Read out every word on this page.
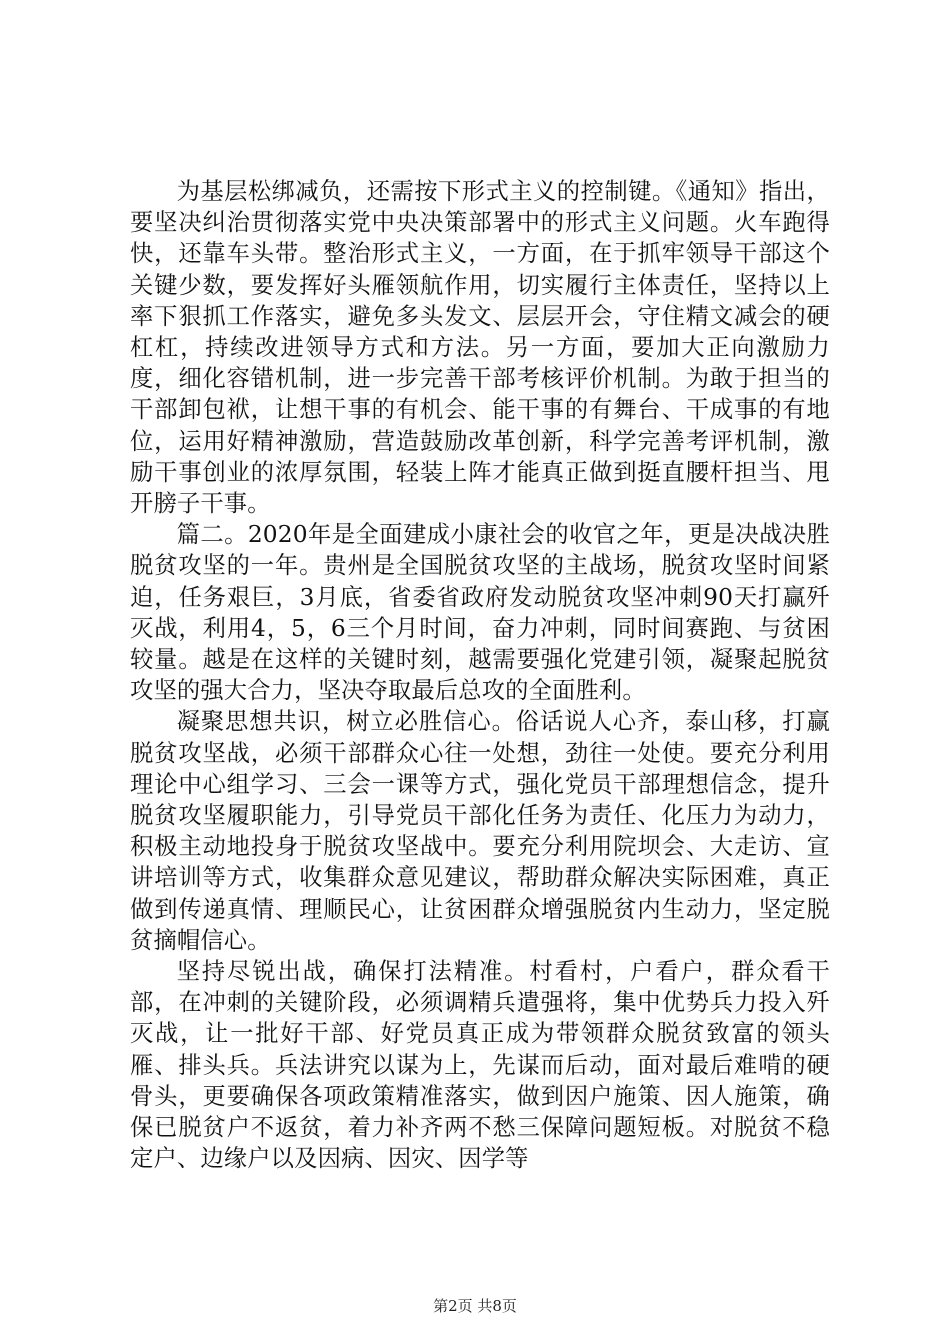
为基层松绑减负，还需按下形式主义的控制键。《通知》指出，要坚决纠治贯彻落实党中央决策部署中的形式主义问题。火车跑得快，还靠车头带。整治形式主义，一方面，在于抓牢领导干部这个关键少数，要发挥好头雁领航作用，切实履行主体责任，坚持以上率下狠抓工作落实，避免多头发文、层层开会，守住精文减会的硬杠杠，持续改进领导方式和方法。另一方面，要加大正向激励力度，细化容错机制，进一步完善干部考核评价机制。为敢于担当的干部卸包袱，让想干事的有机会、能干事的有舞台、干成事的有地位，运用好精神激励，营造鼓励改革创新，科学完善考评机制，激励干事创业的浓厚氛围，轻装上阵才能真正做到挺直腰杆担当、甩开膀子干事。

篇二。2020年是全面建成小康社会的收官之年，更是决战决胜脱贫攻坚的一年。贵州是全国脱贫攻坚的主战场，脱贫攻坚时间紧迫，任务艰巨，3月底，省委省政府发动脱贫攻坚冲刺90天打赢歼灭战，利用4，5，6三个月时间，奋力冲刺，同时间赛跑、与贫困较量。越是在这样的关键时刻，越需要强化党建引领，凝聚起脱贫攻坚的强大合力，坚决夺取最后总攻的全面胜利。

凝聚思想共识，树立必胜信心。俗话说人心齐，泰山移，打赢脱贫攻坚战，必须干部群众心往一处想，劲往一处使。要充分利用理论中心组学习、三会一课等方式，强化党员干部理想信念，提升脱贫攻坚履职能力，引导党员干部化任务为责任、化压力为动力，积极主动地投身于脱贫攻坚战中。要充分利用院坝会、大走访、宣讲培训等方式，收集群众意见建议，帮助群众解决实际困难，真正做到传递真情、理顺民心，让贫困群众增强脱贫内生动力，坚定脱贫摘帽信心。

坚持尽锐出战，确保打法精准。村看村，户看户，群众看干部，在冲刺的关键阶段，必须调精兵遣强将，集中优势兵力投入歼灭战，让一批好干部、好党员真正成为带领群众脱贫致富的领头雁、排头兵。兵法讲究以谋为上，先谋而后动，面对最后难啃的硬骨头，更要确保各项政策精准落实，做到因户施策、因人施策，确保已脱贫户不返贫，着力补齐两不愁三保障问题短板。对脱贫不稳定户、边缘户以及因病、因灾、因学等

第2页 共8页
